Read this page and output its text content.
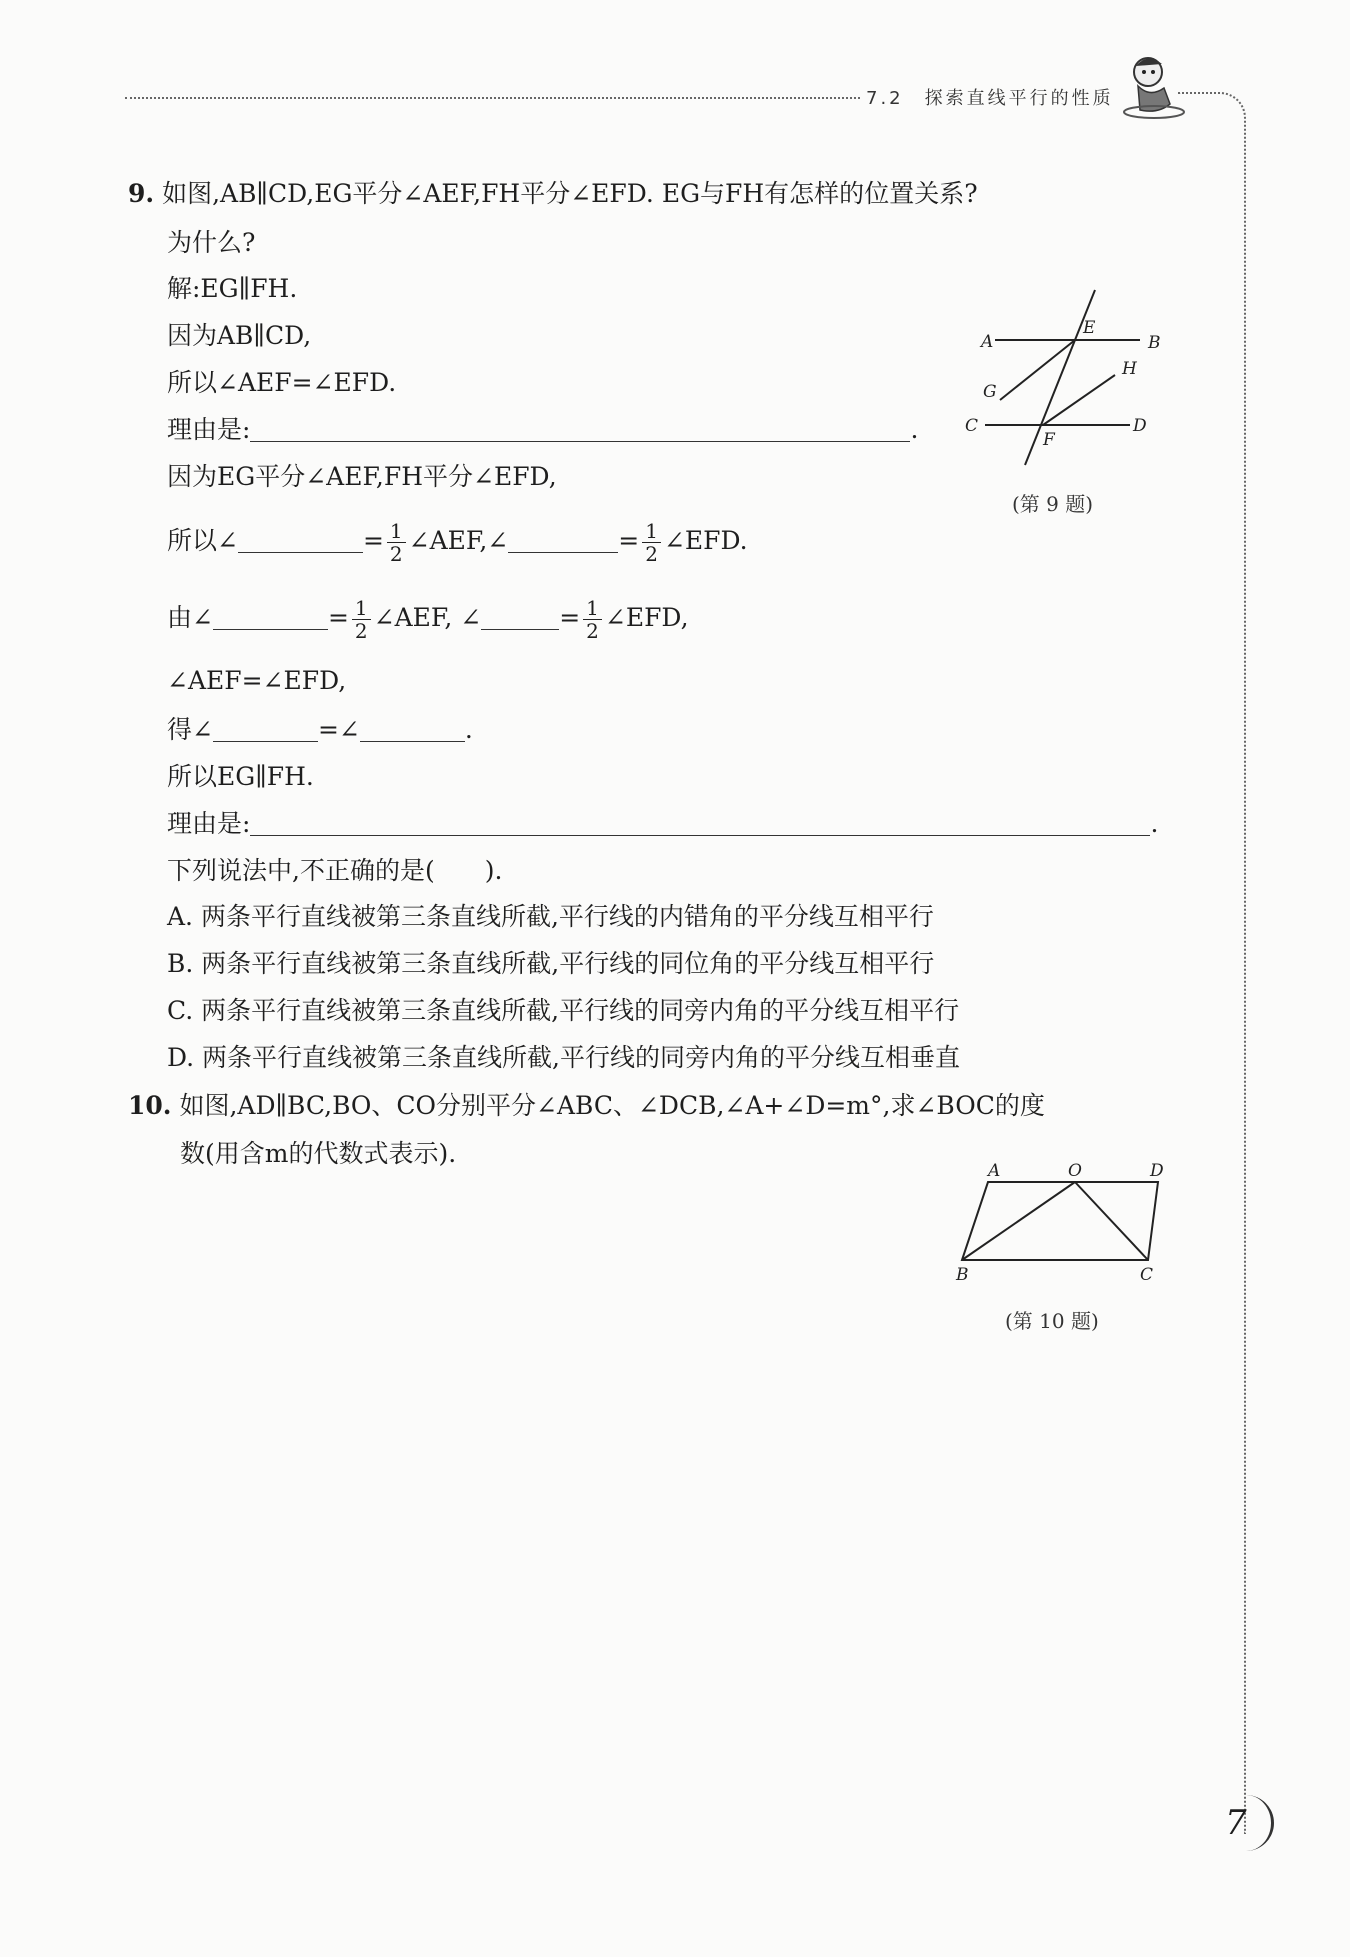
7.2　探索直线平行的性质
9. 如图,AB∥CD,EG平分∠AEF,FH平分∠EFD. EG与FH有怎样的位置关系?
为什么?
解:EG∥FH.
因为AB∥CD,
所以∠AEF=∠EFD.
理由是:	.
因为EG平分∠AEF,FH平分∠EFD,
所以∠	= $\frac{1}{2}$ ∠AEF,∠	= $\frac{1}{2}$ ∠EFD.
由∠	= $\frac{1}{2}$ ∠AEF, ∠	= $\frac{1}{2}$ ∠EFD,
∠AEF=∠EFD,
得∠	=∠	.
所以EG∥FH.
理由是:	.
下列说法中,不正确的是(　　).
A. 两条平行直线被第三条直线所截,平行线的内错角的平分线互相平行
B. 两条平行直线被第三条直线所截,平行线的同位角的平分线互相平行
C. 两条平行直线被第三条直线所截,平行线的同旁内角的平分线互相平行
D. 两条平行直线被第三条直线所截,平行线的同旁内角的平分线互相垂直
A	B
E
H
G
C	D
F
(第 9 题)
10. 如图,AD∥BC,BO、CO分别平分∠ABC、∠DCB,∠A+∠D=m°,求∠BOC的度
数(用含m的代数式表示).
A	O	D
B	C
(第 10 题)
7
